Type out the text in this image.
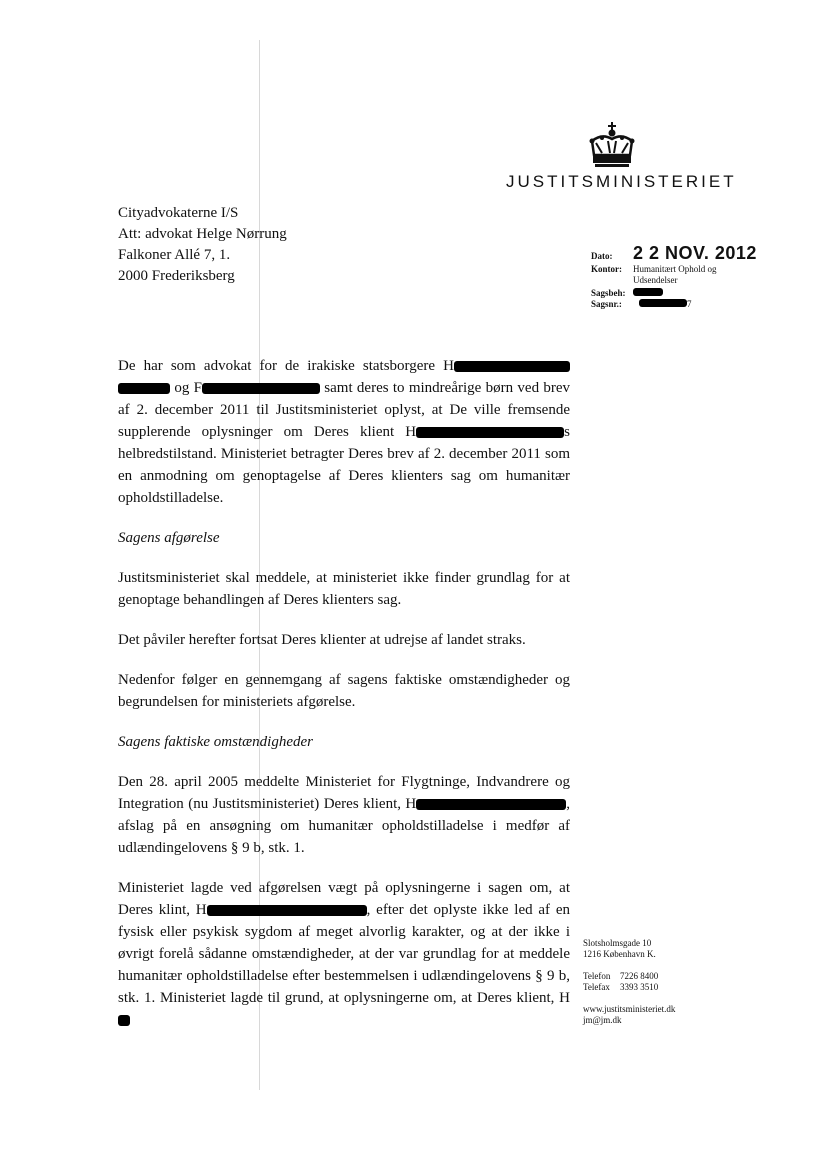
JUSTITSMINISTERIET
Cityadvokaterne I/S
Att: advokat Helge Nørrung
Falkoner Allé 7, 1.
2000 Frederiksberg
Dato:	2 2 NOV. 2012
Kontor:	Humanitært Ophold og
Udsendelser
Sagsbeh:
Sagsnr.:	7

De har som advokat for de irakiske statsborgere H  og F	samt deres to mindreårige børn ved brev af 2. december 2011 til Justitsministeriet oplyst, at De ville fremsende supplerende oplysninger om Deres klient H	s helbredstilstand. Ministeriet betragter Deres brev af 2. december 2011 som en anmodning om genoptagelse af Deres klienters sag om humanitær opholdstilladelse.

Sagens afgørelse

Justitsministeriet skal meddele, at ministeriet ikke finder grundlag for at genoptage behandlingen af Deres klienters sag.

Det påviler herefter fortsat Deres klienter at udrejse af landet straks.

Nedenfor følger en gennemgang af sagens faktiske omstændigheder og begrundelsen for ministeriets afgørelse.

Sagens faktiske omstændigheder

Den 28. april 2005 meddelte Ministeriet for Flygtninge, Indvandrere og Integration (nu Justitsministeriet) Deres klient, H	, afslag på en ansøgning om humanitær opholdstilladelse i medfør af udlændingelovens § 9 b, stk. 1.

Ministeriet lagde ved afgørelsen vægt på oplysningerne i sagen om, at Deres klint, H	, efter det oplyste ikke led af en fysisk eller psykisk sygdom af meget alvorlig karakter, og at der ikke i øvrigt forelå sådanne omstændigheder, at der var grundlag for at meddele humanitær opholdstilladelse efter bestemmelsen i udlændingelovens § 9 b, stk. 1. Ministeriet lagde til grund, at oplysningerne om, at Deres klient, H

Slotsholmsgade 10
1216 København K.
Telefon	7226 8400
Telefax	3393 3510
www.justitsministeriet.dk
jm@jm.dk
